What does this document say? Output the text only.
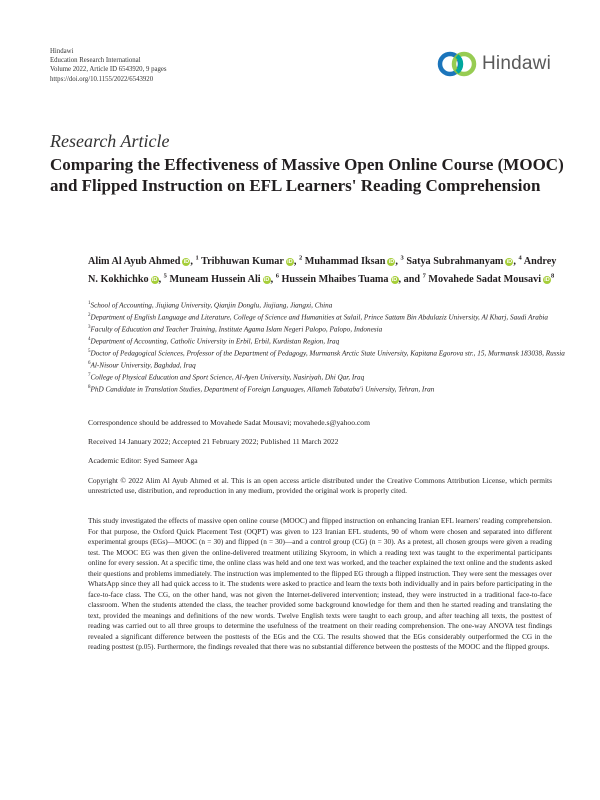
Hindawi
Education Research International
Volume 2022, Article ID 6543920, 9 pages
https://doi.org/10.1155/2022/6543920
Hindawi
Research Article
Comparing the Effectiveness of Massive Open Online Course (MOOC) and Flipped Instruction on EFL Learners' Reading Comprehension
Alim Al Ayub Ahmed iD, $^1$ Tribhuwan Kumar iD, $^2$ Muhammad Iksan iD, $^3$ Satya Subrahmanyam iD, $^4$ Andrey N. Kokhichko iD, $^5$ Muneam Hussein Ali iD, $^6$ Hussein Mhaibes Tuama iD, and $^7$ Movahede Sadat Mousavi $iD^8$

$^1$School of Accounting, Jiujiang University, Qianjin Donglu, Jiujiang, Jiangxi, China

$^2$Department of English Language and Literature, College of Science and Humanities at Sulail, Prince Sattam Bin Abdulaziz University, Al Kharj, Saudi Arabia

$^3$Faculty of Education and Teacher Training, Institute Agama Islam Negeri Palopo, Palopo, Indonesia

$^4$Department of Accounting, Catholic University in Erbil, Erbil, Kurdistan Region, Iraq

$^5$Doctor of Pedagogical Sciences, Professor of the Department of Pedagogy, Murmansk Arctic State University, Kapitana Egorova str., 15, Murmansk 183038, Russia

$^6$Al-Nisour University, Baghdad, Iraq

$^7$College of Physical Education and Sport Science, Al-Ayen University, Nasiriyah, Dhi Qar, Iraq

$^8$PhD Candidate in Translation Studies, Department of Foreign Languages, Allameh Tabataba'i University, Tehran, Iran

Correspondence should be addressed to Movahede Sadat Mousavi; movahede.s@yahoo.com
Received 14 January 2022; Accepted 21 February 2022; Published 11 March 2022
Academic Editor: Syed Sameer Aga
Copyright © 2022 Alim Al Ayub Ahmed et al. This is an open access article distributed under the Creative Commons Attribution License, which permits unrestricted use, distribution, and reproduction in any medium, provided the original work is properly cited.
This study investigated the effects of massive open online course (MOOC) and flipped instruction on enhancing Iranian EFL learners' reading comprehension. For that purpose, the Oxford Quick Placement Test (OQPT) was given to 123 Iranian EFL students, 90 of whom were chosen and separated into different experimental groups (EGs)—MOOC (n = 30) and flipped (n = 30)—and a control group (CG) (n = 30). As a pretest, all chosen groups were given a reading test. The MOOC EG was then given the online-delivered treatment utilizing Skyroom, in which a reading text was taught to the experimental participants online for every session. At a specific time, the online class was held and one text was worked, and the teacher explained the text online and the students asked their questions and problems immediately. The instruction was implemented to the flipped EG through a flipped instruction. They were sent the messages over WhatsApp since they all had quick access to it. The students were asked to practice and learn the texts both individually and in pairs before participating in the face-to-face class. The CG, on the other hand, was not given the Internet-delivered intervention; instead, they were instructed in a traditional face-to-face classroom. When the students attended the class, the teacher provided some background knowledge for them and then he started reading and translating the text, provided the meanings and definitions of the new words. Twelve English texts were taught to each group, and after teaching all texts, the posttest of reading was carried out to all three groups to determine the usefulness of the treatment on their reading comprehension. The one-way ANOVA test findings revealed a significant difference between the posttests of the EGs and the CG. The results showed that the EGs considerably outperformed the CG in the reading posttest (p.05). Furthermore, the findings revealed that there was no substantial difference between the posttests of the MOOC and the flipped groups.
